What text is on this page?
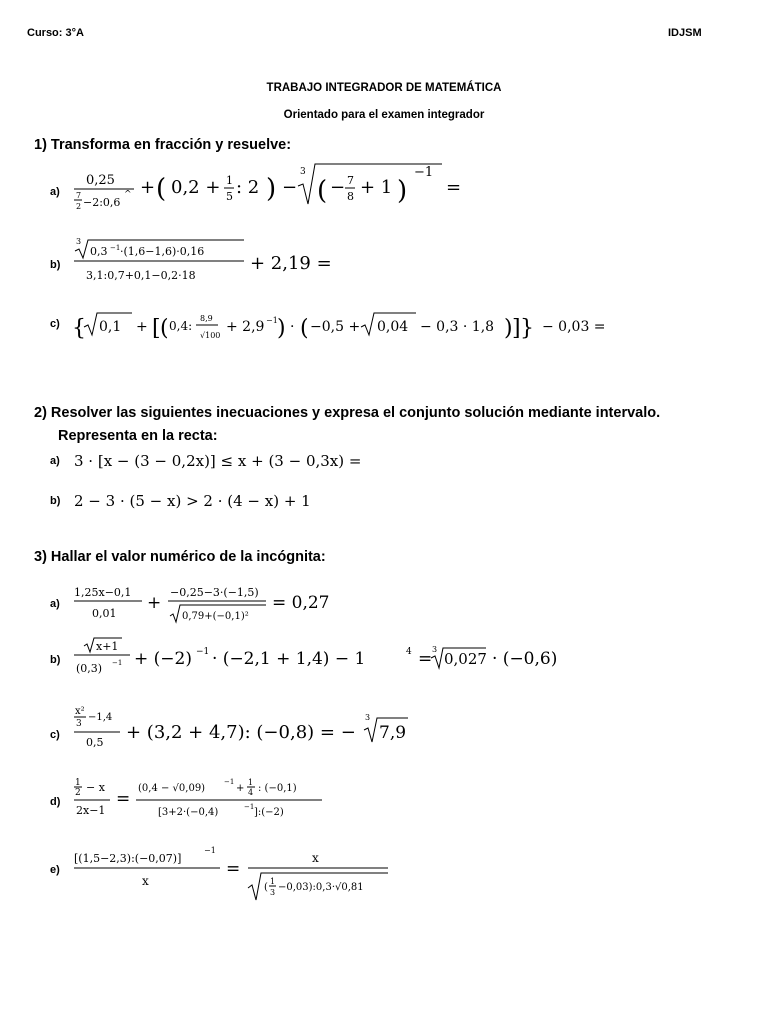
Curso: 3°A	IDJSM
TRABAJO INTEGRADOR DE MATEMÁTICA
Orientado para el examen integrador
1) Transforma en fracción y resuelve:
a)
0,25
7
2 −2:0,6
^ + ( 0,2 + 1
5 : 2 ) −
3
( − 7
8 + 1 )
−1
=
b)
3
0,3 −1 ·(1,6−1,6)·0,16
3,1:0,7+0,1−0,2·18
+ 2,19 =
c) { 0,1 + [ ( 0,4:
8,9
√100
+ 2,9 −1 ) · ( −0,5 + 0,04 − 0,3 · 1,8 ) ] } − 0,03 =
2) Resolver las siguientes inecuaciones y expresa el conjunto solución mediante intervalo.
Representa en la recta:
a) 3 · [x − (3 − 0,2x)] ≤ x + (3 − 0,3x) =
b) 2 − 3 · (5 − x) > 2 · (4 − x) + 1
3) Hallar el valor numérico de la incógnita:
a)
1,25x−0,1
0,01
+
−0,25−3·(−1,5)
0,79+(−0,1)²
= 0,27
b)
x+1
(0,3) −1 + (−2) −1 · (−2,1 + 1,4) − 1	4 = 3
0,027 · (−0,6)
c)
x²
3
−1,4
0,5 + (3,2 + 4,7): (−0,8) = −
3
7,9
d)
1
2 − x
2x−1
=
(0,4 − √0,09)
−1
+
1
4 : (−0,1)
[3+2·(−0,4)	−1 ]:(−2)
e)
[(1,5−2,3):(−0,07)]
−1
x
=
x
(
1
3 −0,03):0,3·√0,81
